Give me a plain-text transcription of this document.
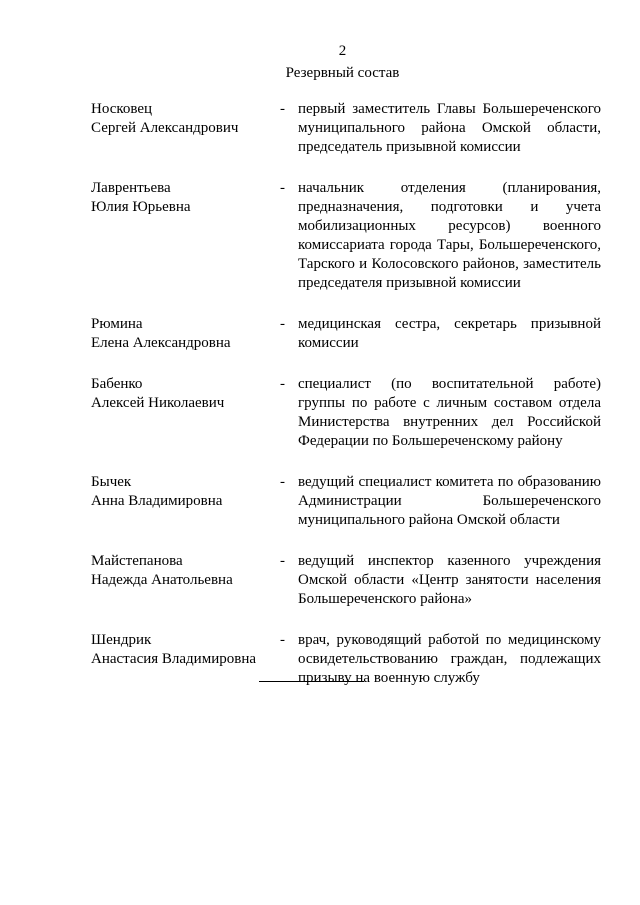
2
Резервный состав
Носковец
Сергей Александрович
- первый заместитель Главы Большереченского муниципального района Омской области, председатель призывной комиссии
Лаврентьева
Юлия Юрьевна
- начальник отделения (планирования, предназначения, подготовки и учета мобилизационных ресурсов) военного комиссариата города Тары, Большереченского, Тарского и Колосовского районов, заместитель председателя призывной комиссии
Рюмина
Елена Александровна
- медицинская сестра, секретарь призывной комиссии
Бабенко
Алексей Николаевич
- специалист (по воспитательной работе) группы по работе с личным составом отдела Министерства внутренних дел Российской Федерации по Большереченскому району
Бычек
Анна Владимировна
- ведущий специалист комитета по образованию Администрации Большереченского муниципального района Омской области
Майстепанова
Надежда Анатольевна
- ведущий инспектор казенного учреждения Омской области «Центр занятости населения Большереченского района»
Шендрик
Анастасия Владимировна
- врач, руководящий работой по медицинскому освидетельствованию граждан, подлежащих призыву на военную службу
